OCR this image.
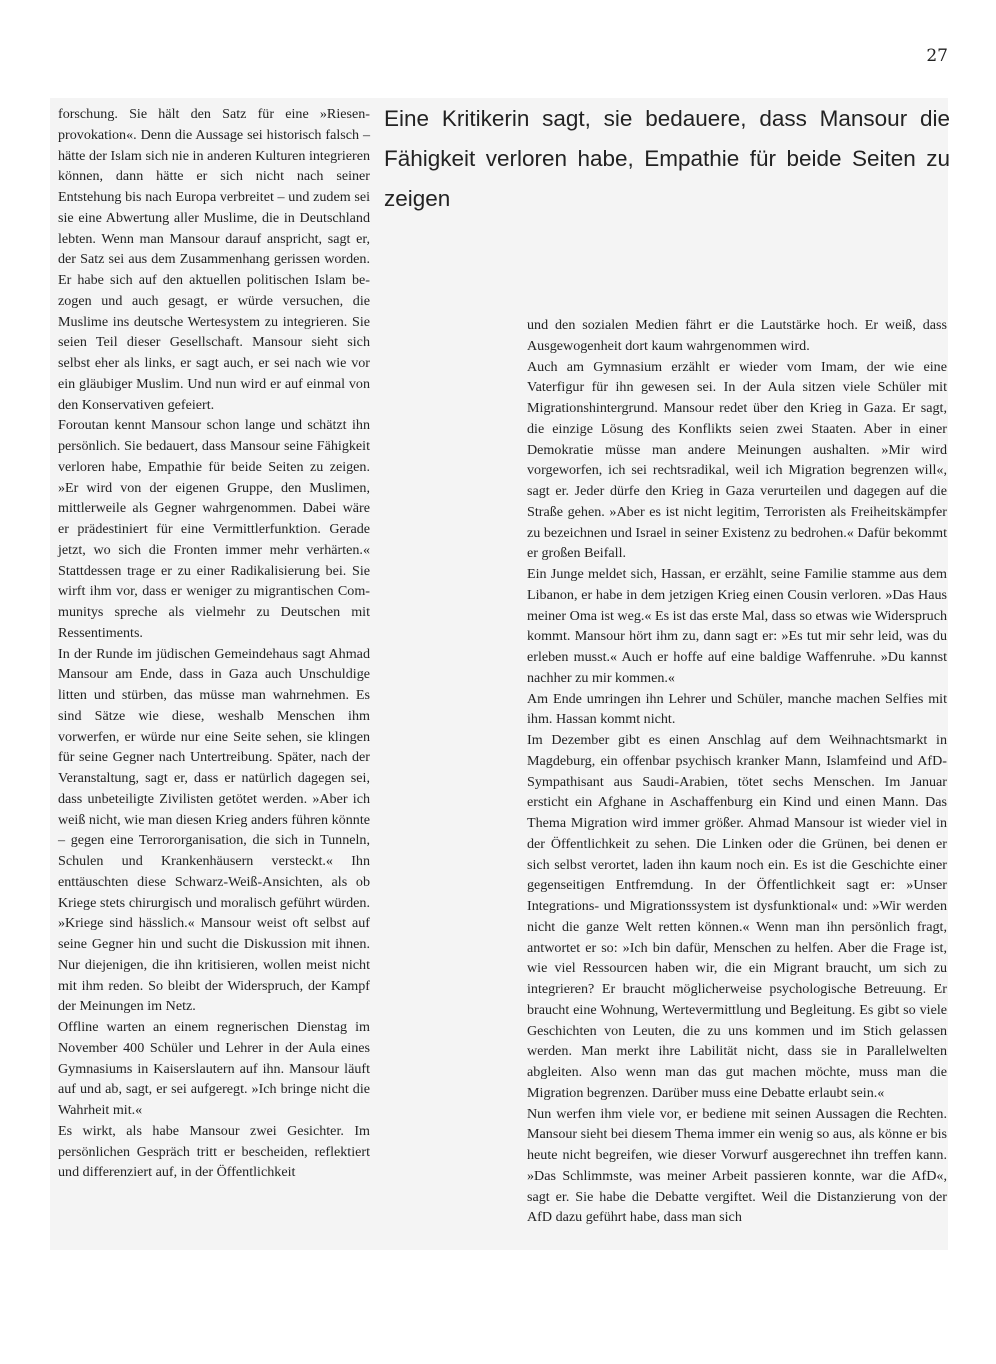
27
Eine Kritikerin sagt, sie bedauere, dass Mansour die Fähigkeit verloren habe, Empathie für beide Seiten zu zeigen

forschung. Sie hält den Satz für eine »Riesenprovokation«. Denn die Aussage sei historisch falsch – hätte der Islam sich nie in anderen Kulturen integrieren können, dann hätte er sich nicht nach seiner Entstehung bis nach Europa verbreitet – und zudem sei sie eine Abwertung aller Muslime, die in Deutschland lebten. Wenn man Mansour darauf anspricht, sagt er, der Satz sei aus dem Zusammenhang gerissen worden. Er habe sich auf den aktuellen politischen Islam bezogen und auch gesagt, er würde versuchen, die Muslime ins deutsche Wertesystem zu integrieren. Sie seien Teil dieser Gesellschaft. Mansour sieht sich selbst eher als links, er sagt auch, er sei nach wie vor ein gläubiger Muslim. Und nun wird er auf einmal von den Konservativen gefeiert.

Foroutan kennt Mansour schon lange und schätzt ihn persönlich. Sie bedauert, dass Mansour seine Fähigkeit verloren habe, Empathie für beide Seiten zu zeigen. »Er wird von der eigenen Gruppe, den Muslimen, mittlerweile als Gegner wahrgenommen. Dabei wäre er prädestiniert für eine Vermittlerfunktion. Gerade jetzt, wo sich die Fronten immer mehr verhärten.« Stattdessen trage er zu einer Radikalisierung bei. Sie wirft ihm vor, dass er weniger zu migrantischen Communitys spreche als vielmehr zu Deutschen mit Ressentiments.

In der Runde im jüdischen Gemeindehaus sagt Ahmad Mansour am Ende, dass in Gaza auch Unschuldige litten und stürben, das müsse man wahrnehmen. Es sind Sätze wie diese, weshalb Menschen ihm vorwerfen, er würde nur eine Seite sehen, sie klingen für seine Gegner nach Untertreibung. Später, nach der Veranstaltung, sagt er, dass er natürlich dagegen sei, dass unbeteiligte Zivilisten getötet werden. »Aber ich weiß nicht, wie man diesen Krieg anders führen könnte – gegen eine Terrororganisation, die sich in Tunneln, Schulen und Krankenhäusern versteckt.« Ihn enttäuschten diese Schwarz-Weiß-Ansichten, als ob Kriege stets chirurgisch und moralisch geführt würden. »Kriege sind hässlich.« Mansour weist oft selbst auf seine Gegner hin und sucht die Diskussion mit ihnen. Nur diejenigen, die ihn kritisieren, wollen meist nicht mit ihm reden. So bleibt der Widerspruch, der Kampf der Meinungen im Netz.

Offline warten an einem regnerischen Dienstag im November 400 Schüler und Lehrer in der Aula eines Gymnasiums in Kaiserslautern auf ihn. Mansour läuft auf und ab, sagt, er sei aufgeregt. »Ich bringe nicht die Wahrheit mit.«

Es wirkt, als habe Mansour zwei Gesichter. Im persönlichen Gespräch tritt er bescheiden, reflektiert und differenziert auf, in der Öffentlichkeit

und den sozialen Medien fährt er die Lautstärke hoch. Er weiß, dass Ausgewogenheit dort kaum wahrgenommen wird.

Auch am Gymnasium erzählt er wieder vom Imam, der wie eine Vaterfigur für ihn gewesen sei. In der Aula sitzen viele Schüler mit Migrationshintergrund. Mansour redet über den Krieg in Gaza. Er sagt, die einzige Lösung des Konflikts seien zwei Staaten. Aber in einer Demokratie müsse man andere Meinungen aushalten. »Mir wird vorgeworfen, ich sei rechtsradikal, weil ich Migration begrenzen will«, sagt er. Jeder dürfe den Krieg in Gaza verurteilen und dagegen auf die Straße gehen. »Aber es ist nicht legitim, Terroristen als Freiheitskämpfer zu bezeichnen und Israel in seiner Existenz zu bedrohen.« Dafür bekommt er großen Beifall.

Ein Junge meldet sich, Hassan, er erzählt, seine Familie stamme aus dem Libanon, er habe in dem jetzigen Krieg einen Cousin verloren. »Das Haus meiner Oma ist weg.« Es ist das erste Mal, dass so etwas wie Widerspruch kommt. Mansour hört ihm zu, dann sagt er: »Es tut mir sehr leid, was du erleben musst.« Auch er hoffe auf eine baldige Waffenruhe. »Du kannst nachher zu mir kommen.«

Am Ende umringen ihn Lehrer und Schüler, manche machen Selfies mit ihm. Hassan kommt nicht.

Im Dezember gibt es einen Anschlag auf dem Weihnachtsmarkt in Magdeburg, ein offenbar psychisch kranker Mann, Islamfeind und AfD-Sympathisant aus Saudi-Arabien, tötet sechs Menschen. Im Januar ersticht ein Afghane in Aschaffenburg ein Kind und einen Mann. Das Thema Migration wird immer größer. Ahmad Mansour ist wieder viel in der Öffentlichkeit zu sehen. Die Linken oder die Grünen, bei denen er sich selbst verortet, laden ihn kaum noch ein. Es ist die Geschichte einer gegenseitigen Entfremdung. In der Öffentlichkeit sagt er: »Unser Integrations- und Migrationssystem ist dysfunktional« und: »Wir werden nicht die ganze Welt retten können.« Wenn man ihn persönlich fragt, antwortet er so: »Ich bin dafür, Menschen zu helfen. Aber die Frage ist, wie viel Ressourcen haben wir, die ein Migrant braucht, um sich zu integrieren? Er braucht möglicherweise psychologische Betreuung. Er braucht eine Wohnung, Wertevermittlung und Begleitung. Es gibt so viele Geschichten von Leuten, die zu uns kommen und im Stich gelassen werden. Man merkt ihre Labilität nicht, dass sie in Parallelwelten abgleiten. Also wenn man das gut machen möchte, muss man die Migration begrenzen. Darüber muss eine Debatte erlaubt sein.«

Nun werfen ihm viele vor, er bediene mit seinen Aussagen die Rechten. Mansour sieht bei diesem Thema immer ein wenig so aus, als könne er bis heute nicht begreifen, wie dieser Vorwurf ausgerechnet ihn treffen kann. »Das Schlimmste, was meiner Arbeit passieren konnte, war die AfD«, sagt er. Sie habe die Debatte vergiftet. Weil die Distanzierung von der AfD dazu geführt habe, dass man sich
